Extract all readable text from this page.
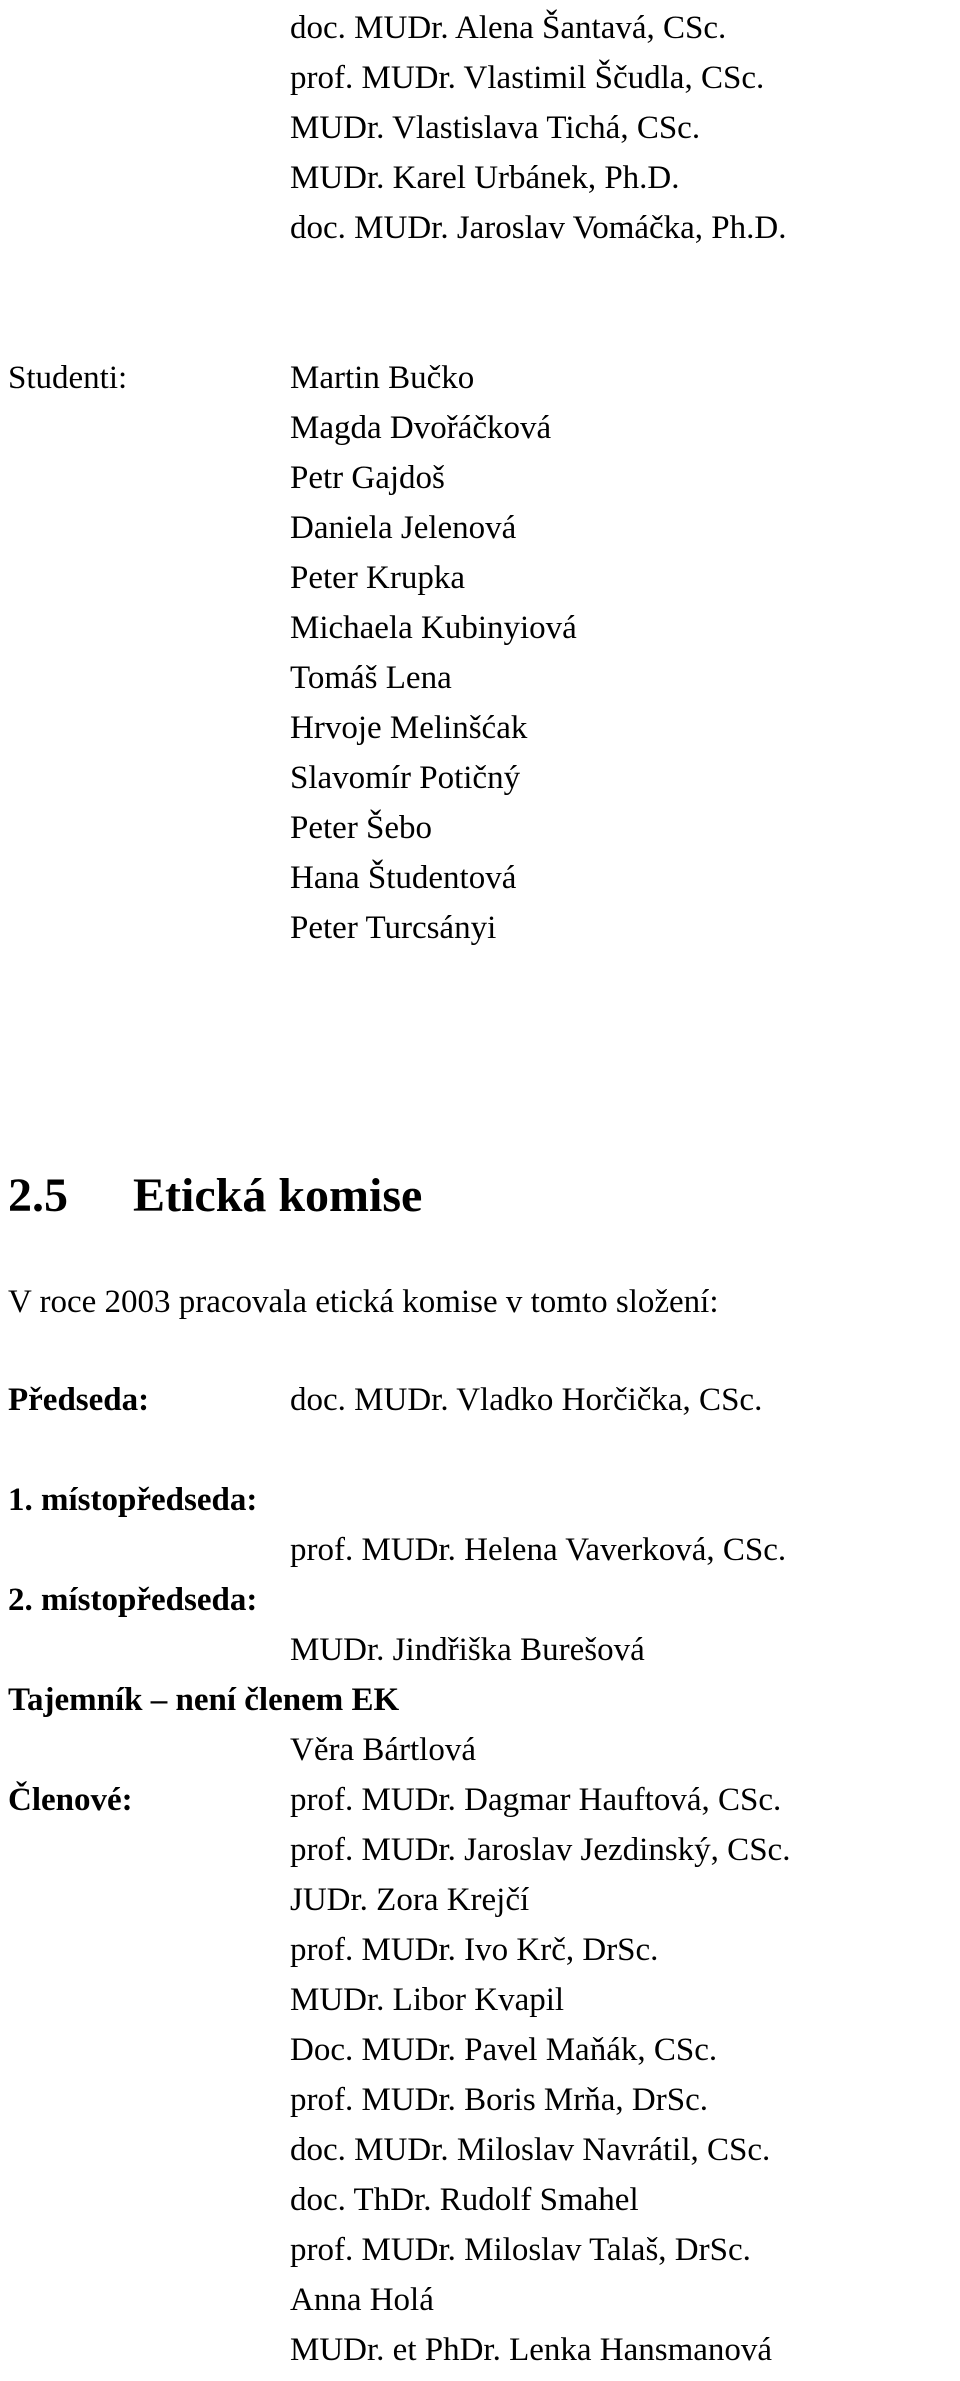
doc. MUDr. Alena Šantavá, CSc.
prof. MUDr. Vlastimil Ščudla, CSc.
MUDr. Vlastislava Tichá, CSc.
MUDr. Karel Urbánek, Ph.D.
doc. MUDr. Jaroslav Vomáčka, Ph.D.
Studenti:	Martin Bučko
Magda Dvořáčková
Petr Gajdoš
Daniela Jelenová
Peter Krupka
Michaela Kubinyiová
Tomáš Lena
Hrvoje Melinšćak
Slavomír Potičný
Peter Šebo
Hana Študentová
Peter Turcsányi
2.5 Etická komise
V roce 2003 pracovala etická komise v tomto složení:
Předseda:	doc. MUDr. Vladko Horčička, CSc.
1. místopředseda:
prof. MUDr. Helena Vaverková, CSc.
2. místopředseda:
MUDr. Jindřiška Burešová
Tajemník – není členem EK
Věra Bártlová
Členové:	prof. MUDr. Dagmar Hauftová, CSc.
prof. MUDr. Jaroslav Jezdinský, CSc.
JUDr. Zora Krejčí
prof. MUDr. Ivo Krč, DrSc.
MUDr. Libor Kvapil
Doc. MUDr. Pavel Maňák, CSc.
prof. MUDr. Boris Mrňa, DrSc.
doc. MUDr. Miloslav Navrátil, CSc.
doc. ThDr. Rudolf Smahel
prof. MUDr. Miloslav Talaš, DrSc.
Anna Holá
MUDr. et PhDr. Lenka Hansmanová
